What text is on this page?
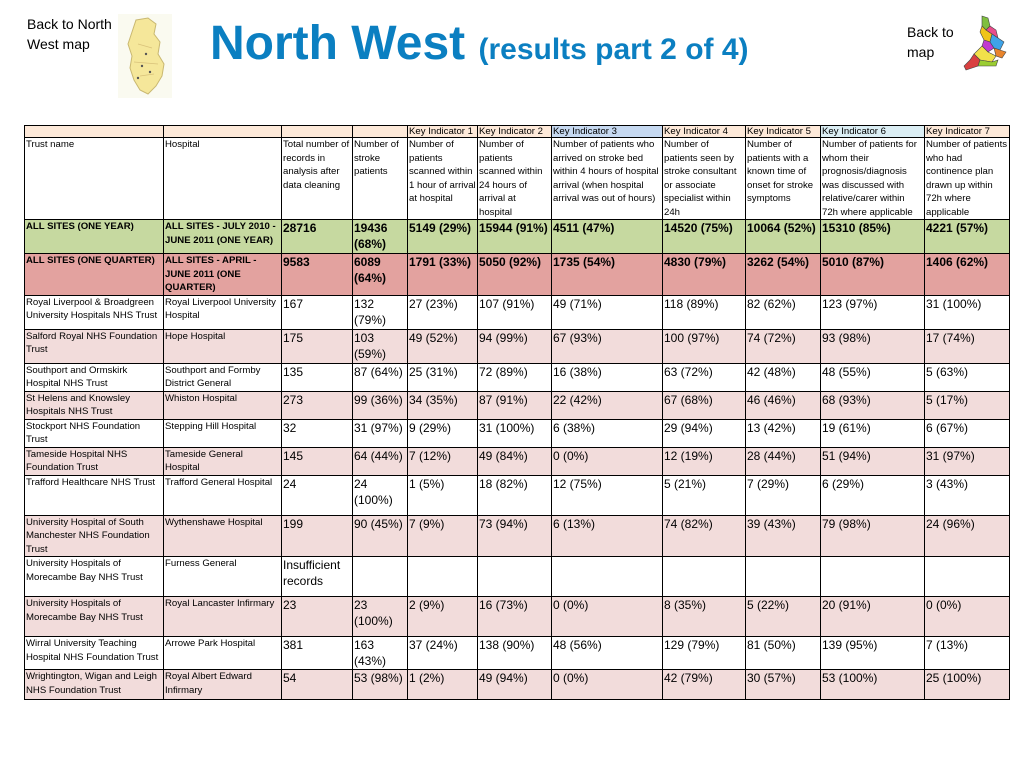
Back to North West map	North West (results part 2 of 4)
Back to map
				Key Indicator 1	Key Indicator 2	Key Indicator 3	Key Indicator 4	Key Indicator 5	Key Indicator 6	Key Indicator 7
Trust name	Hospital	Total number of records in analysis after data cleaning	Number of stroke patients	Number of patients scanned within 1 hour of arrival at hospital	Number of patients scanned within 24 hours of arrival at hospital	Number of patients who arrived on stroke bed within 4 hours of hospital arrival (when hospital arrival was out of hours)	Number of patients seen by stroke consultant or associate specialist within 24h	Number of patients with a known time of onset for stroke symptoms	Number of patients for whom their prognosis/diagnosis was discussed with relative/carer within 72h where applicable	Number of patients who had continence plan drawn up within 72h where applicable
ALL SITES (ONE YEAR)	ALL SITES - JULY 2010 - JUNE 2011 (ONE YEAR)	28716	19436 (68%)	5149 (29%)	15944 (91%)	4511 (47%)	14520 (75%)	10064 (52%)	15310 (85%)	4221 (57%)
ALL SITES (ONE QUARTER)	ALL SITES - APRIL - JUNE 2011 (ONE QUARTER)	9583	6089 (64%)	1791 (33%)	5050 (92%)	1735 (54%)	4830 (79%)	3262 (54%)	5010 (87%)	1406 (62%)
Royal Liverpool & Broadgreen University Hospitals NHS Trust	Royal Liverpool University Hospital	167	132 (79%)	27 (23%)	107 (91%)	49 (71%)	118 (89%)	82 (62%)	123 (97%)	31 (100%)
Salford Royal NHS Foundation Trust	Hope Hospital	175	103 (59%)	49 (52%)	94 (99%)	67 (93%)	100 (97%)	74 (72%)	93 (98%)	17 (74%)
Southport and Ormskirk Hospital NHS Trust	Southport and Formby District General	135	87 (64%)	25 (31%)	72 (89%)	16 (38%)	63 (72%)	42 (48%)	48 (55%)	5 (63%)
St Helens and Knowsley Hospitals NHS Trust	Whiston Hospital	273	99 (36%)	34 (35%)	87 (91%)	22 (42%)	67 (68%)	46 (46%)	68 (93%)	5 (17%)
Stockport NHS Foundation Trust	Stepping Hill Hospital	32	31 (97%)	9 (29%)	31 (100%)	6 (38%)	29 (94%)	13 (42%)	19 (61%)	6 (67%)
Tameside Hospital NHS Foundation Trust	Tameside General Hospital	145	64 (44%)	7 (12%)	49 (84%)	0 (0%)	12 (19%)	28 (44%)	51 (94%)	31 (97%)
Trafford Healthcare NHS Trust	Trafford General Hospital	24	24 (100%)	1 (5%)	18 (82%)	12 (75%)	5 (21%)	7 (29%)	6 (29%)	3 (43%)
University Hospital of South Manchester NHS Foundation Trust	Wythenshawe Hospital	199	90 (45%)	7 (9%)	73 (94%)	6 (13%)	74 (82%)	39 (43%)	79 (98%)	24 (96%)
University Hospitals of Morecambe Bay NHS Trust	Furness General	Insufficient records								
University Hospitals of Morecambe Bay NHS Trust	Royal Lancaster Infirmary	23	23 (100%)	2 (9%)	16 (73%)	0 (0%)	8 (35%)	5 (22%)	20 (91%)	0 (0%)
Wirral University Teaching Hospital NHS Foundation Trust	Arrowe Park Hospital	381	163 (43%)	37 (24%)	138 (90%)	48 (56%)	129 (79%)	81 (50%)	139 (95%)	7 (13%)
Wrightington, Wigan and Leigh NHS Foundation Trust	Royal Albert Edward Infirmary	54	53 (98%)	1 (2%)	49 (94%)	0 (0%)	42 (79%)	30 (57%)	53 (100%)	25 (100%)
